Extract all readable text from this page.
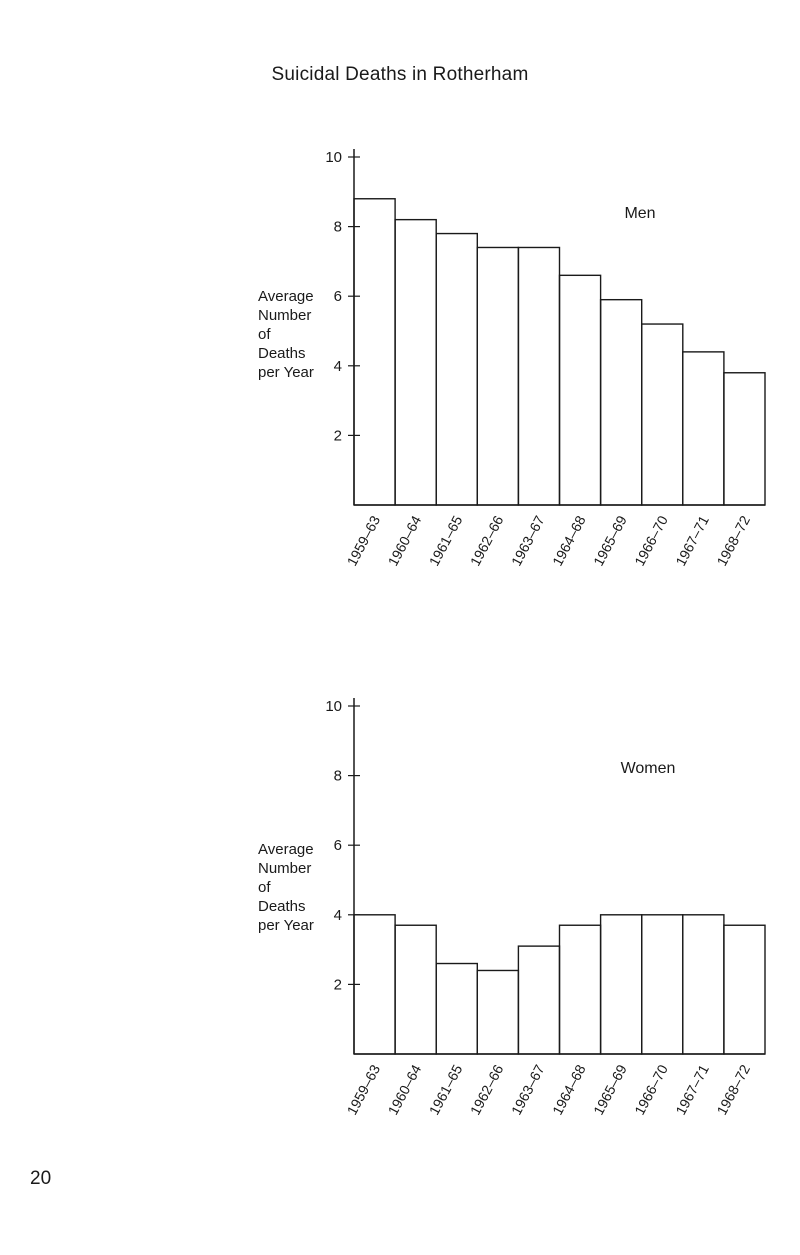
Suicidal Deaths in Rotherham
Average
Number
of
Deaths
per Year
2
4
6
8
10
1959–63 1960–64 1961–65 1962–66 1963–67 1964–68 1965–69 1966–70 1967–71 1968–72
Men
Average
Number
of
Deaths
per Year
2
4
6
8
10
1959–63 1960–64 1961–65 1962–66 1963–67 1964–68 1965–69 1966–70 1967–71 1968–72
Women
20
